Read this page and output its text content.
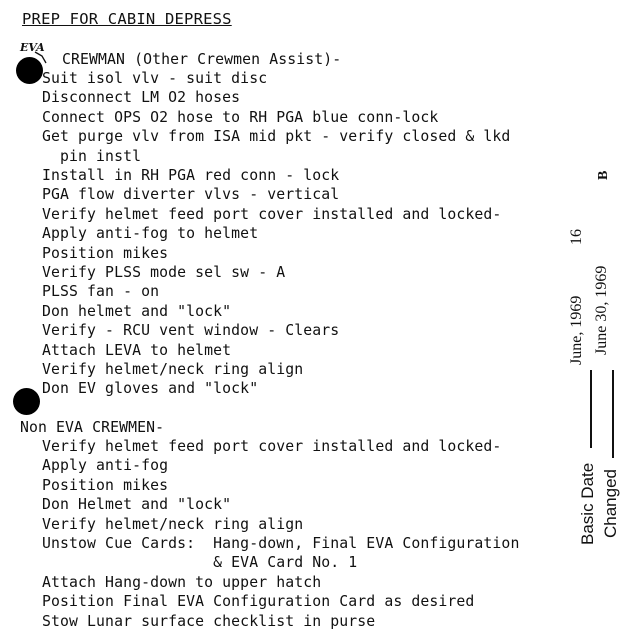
PREP FOR CABIN DEPRESS
EVA
CREWMAN (Other Crewmen Assist)-
Suit isol vlv - suit disc
Disconnect LM O2 hoses
Connect OPS O2 hose to RH PGA blue conn-lock
Get purge vlv from ISA mid pkt - verify closed & lkd
pin instl
Install in RH PGA red conn - lock
PGA flow diverter vlvs - vertical
Verify helmet feed port cover installed and locked-
Apply anti-fog to helmet
Position mikes
Verify PLSS mode sel sw - A
PLSS fan - on
Don helmet and "lock"
Verify - RCU vent window - Clears
Attach LEVA to helmet
Verify helmet/neck ring align
Don EV gloves and "lock"
Non EVA CREWMEN-
Verify helmet feed port cover installed and locked-
Apply anti-fog
Position mikes
Don Helmet and "lock"
Verify helmet/neck ring align
Unstow Cue Cards:  Hang-down, Final EVA Configuration
& EVA Card No. 1
Attach Hang-down to upper hatch
Position Final EVA Configuration Card as desired
Stow Lunar surface checklist in purse
Basic Date
June, 1969
16
Changed
June 30, 1969
B
